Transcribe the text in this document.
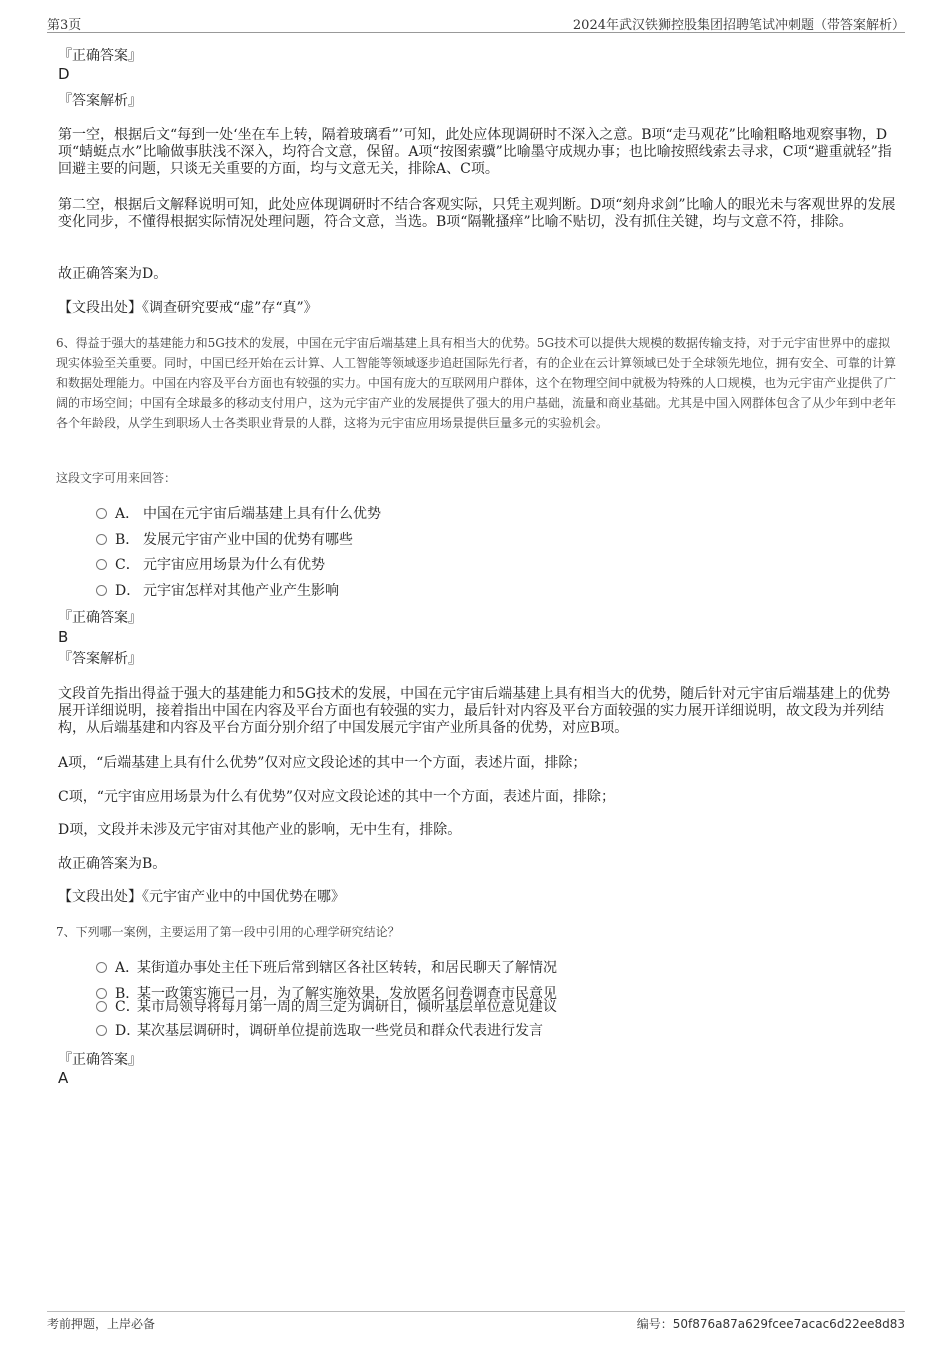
第3页	2024年武汉铁狮控股集团招聘笔试冲刺题（带答案解析）
『正确答案』
D
『答案解析』
第一空，根据后文“每到一处‘坐在车上转，隔着玻璃看”’可知，此处应体现调研时不深入之意。B项“走马观花”比喻粗略地观察事物，D项“蜻蜓点水”比喻做事肤浅不深入，均符合文意，保留。A项“按图索骥”比喻墨守成规办事；也比喻按照线索去寻求，C项“避重就轻”指回避主要的问题，只谈无关重要的方面，均与文意无关，排除A、C项。
第二空，根据后文解释说明可知，此处应体现调研时不结合客观实际，只凭主观判断。D项“刻舟求剑”比喻人的眼光未与客观世界的发展变化同步，不懂得根据实际情况处理问题，符合文意，当选。B项“隔靴搔痒”比喻不贴切，没有抓住关键，均与文意不符，排除。
故正确答案为D。
【文段出处】《调查研究要戒“虚”存“真”》
6、得益于强大的基建能力和5G技术的发展，中国在元宇宙后端基建上具有相当大的优势。5G技术可以提供大规模的数据传输支持，对于元宇宙世界中的虚拟现实体验至关重要。同时，中国已经开始在云计算、人工智能等领域逐步追赶国际先行者，有的企业在云计算领域已处于全球领先地位，拥有安全、可靠的计算和数据处理能力。中国在内容及平台方面也有较强的实力。中国有庞大的互联网用户群体，这个在物理空间中就极为特殊的人口规模，也为元宇宙产业提供了广阔的市场空间；中国有全球最多的移动支付用户，这为元宇宙产业的发展提供了强大的用户基础，流量和商业基础。尤其是中国入网群体包含了从少年到中老年各个年龄段，从学生到职场人士各类职业背景的人群，这将为元宇宙应用场景提供巨量多元的实验机会。
这段文字可用来回答：
A． 中国在元宇宙后端基建上具有什么优势
B． 发展元宇宙产业中国的优势有哪些
C． 元宇宙应用场景为什么有优势
D． 元宇宙怎样对其他产业产生影响
『正确答案』
B
『答案解析』
文段首先指出得益于强大的基建能力和5G技术的发展，中国在元宇宙后端基建上具有相当大的优势，随后针对元宇宙后端基建上的优势展开详细说明，接着指出中国在内容及平台方面也有较强的实力，最后针对内容及平台方面较强的实力展开详细说明，故文段为并列结构，从后端基建和内容及平台方面分别介绍了中国发展元宇宙产业所具备的优势，对应B项。
A项，“后端基建上具有什么优势”仅对应文段论述的其中一个方面，表述片面，排除；
C项，“元宇宙应用场景为什么有优势”仅对应文段论述的其中一个方面，表述片面，排除；
D项，文段并未涉及元宇宙对其他产业的影响，无中生有，排除。
故正确答案为B。
【文段出处】《元宇宙产业中的中国优势在哪》
7、下列哪一案例，主要运用了第一段中引用的心理学研究结论？
A．某街道办事处主任下班后常到辖区各社区转转，和居民聊天了解情况
B．某一政策实施已一月，为了解实施效果，发放匿名问卷调查市民意见
C．某市局领导将每月第一周的周三定为调研日，倾听基层单位意见建议
D．某次基层调研时，调研单位提前选取一些党员和群众代表进行发言
『正确答案』
A
考前押题，上岸必备	编号：50f876a87a629fcee7acac6d22ee8d83
